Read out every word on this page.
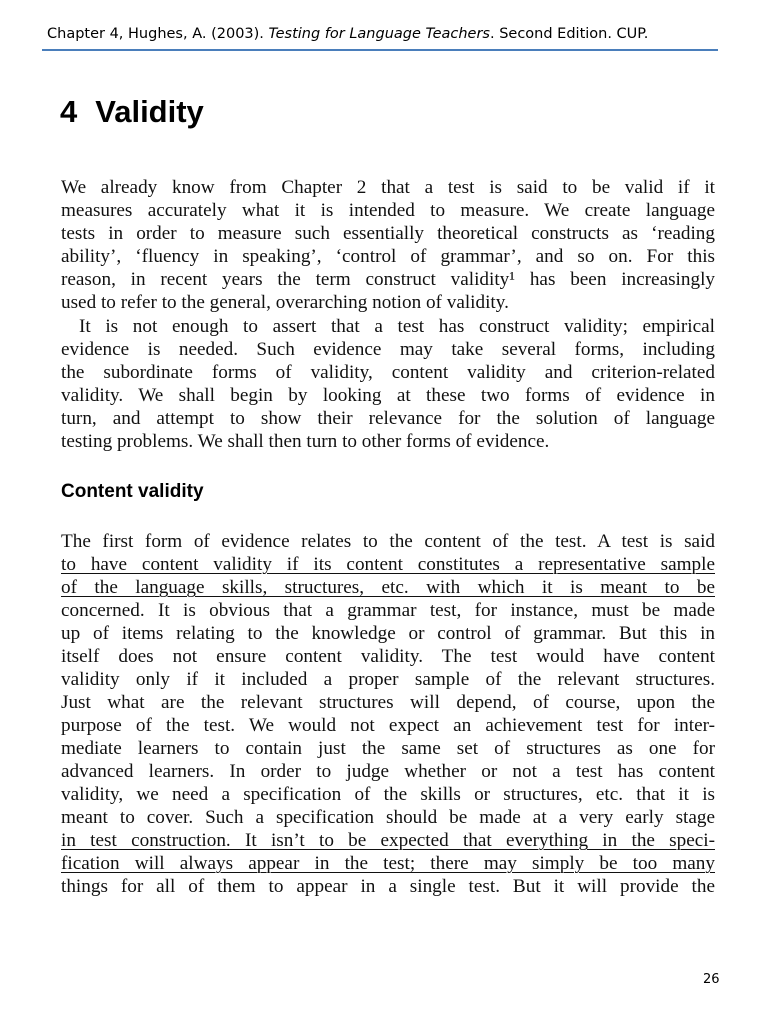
Chapter 4, Hughes, A. (2003). Testing for Language Teachers. Second Edition. CUP.
4 Validity
We already know from Chapter 2 that a test is said to be valid if it
measures accurately what it is intended to measure. We create language
tests in order to measure such essentially theoretical constructs as ‘reading
ability’, ‘fluency in speaking’, ‘control of grammar’, and so on. For this
reason, in recent years the term construct validity¹ has been increasingly
used to refer to the general, overarching notion of validity.
It is not enough to assert that a test has construct validity; empirical
evidence is needed. Such evidence may take several forms, including
the subordinate forms of validity, content validity and criterion-related
validity. We shall begin by looking at these two forms of evidence in
turn, and attempt to show their relevance for the solution of language
testing problems. We shall then turn to other forms of evidence.
Content validity
The first form of evidence relates to the content of the test. A test is said
to have content validity if its content constitutes a representative sample
of the language skills, structures, etc. with which it is meant to be
concerned. It is obvious that a grammar test, for instance, must be made
up of items relating to the knowledge or control of grammar. But this in
itself does not ensure content validity. The test would have content
validity only if it included a proper sample of the relevant structures.
Just what are the relevant structures will depend, of course, upon the
purpose of the test. We would not expect an achievement test for inter-
mediate learners to contain just the same set of structures as one for
advanced learners. In order to judge whether or not a test has content
validity, we need a specification of the skills or structures, etc. that it is
meant to cover. Such a specification should be made at a very early stage
in test construction. It isn’t to be expected that everything in the speci-
fication will always appear in the test; there may simply be too many
things for all of them to appear in a single test. But it will provide the
26
